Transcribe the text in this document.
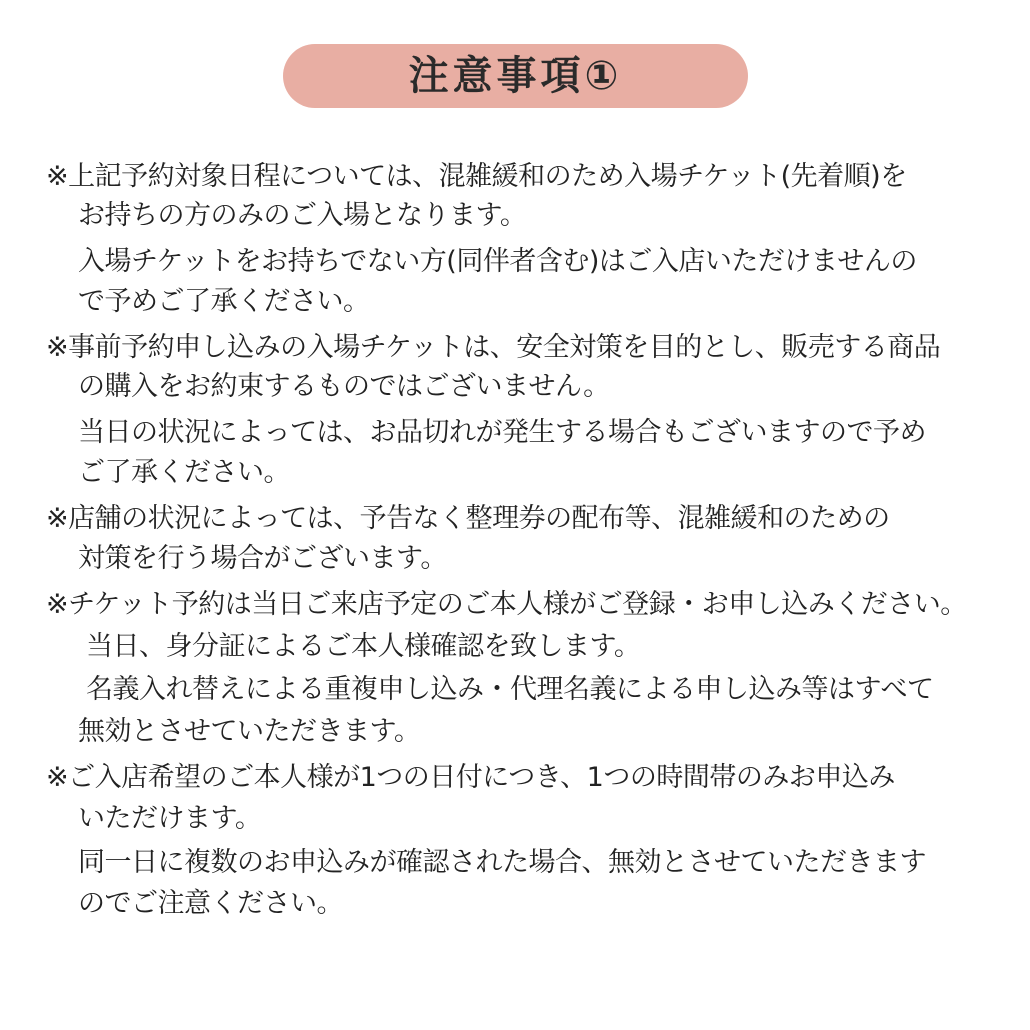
注意事項①
※上記予約対象日程については、混雑緩和のため入場チケット(先着順)を
お持ちの方のみのご入場となります。
入場チケットをお持ちでない方(同伴者含む)はご入店いただけませんの
で予めご了承ください。
※事前予約申し込みの入場チケットは、安全対策を目的とし、販売する商品
の購入をお約束するものではございません。
当日の状況によっては、お品切れが発生する場合もございますので予め
ご了承ください。
※店舗の状況によっては、予告なく整理券の配布等、混雑緩和のための
対策を行う場合がございます。
※チケット予約は当日ご来店予定のご本人様がご登録・お申し込みください。
当日、身分証によるご本人様確認を致します。
名義入れ替えによる重複申し込み・代理名義による申し込み等はすべて
無効とさせていただきます。
※ご入店希望のご本人様が1つの日付につき、1つの時間帯のみお申込み
いただけます。
同一日に複数のお申込みが確認された場合、無効とさせていただきます
のでご注意ください。
